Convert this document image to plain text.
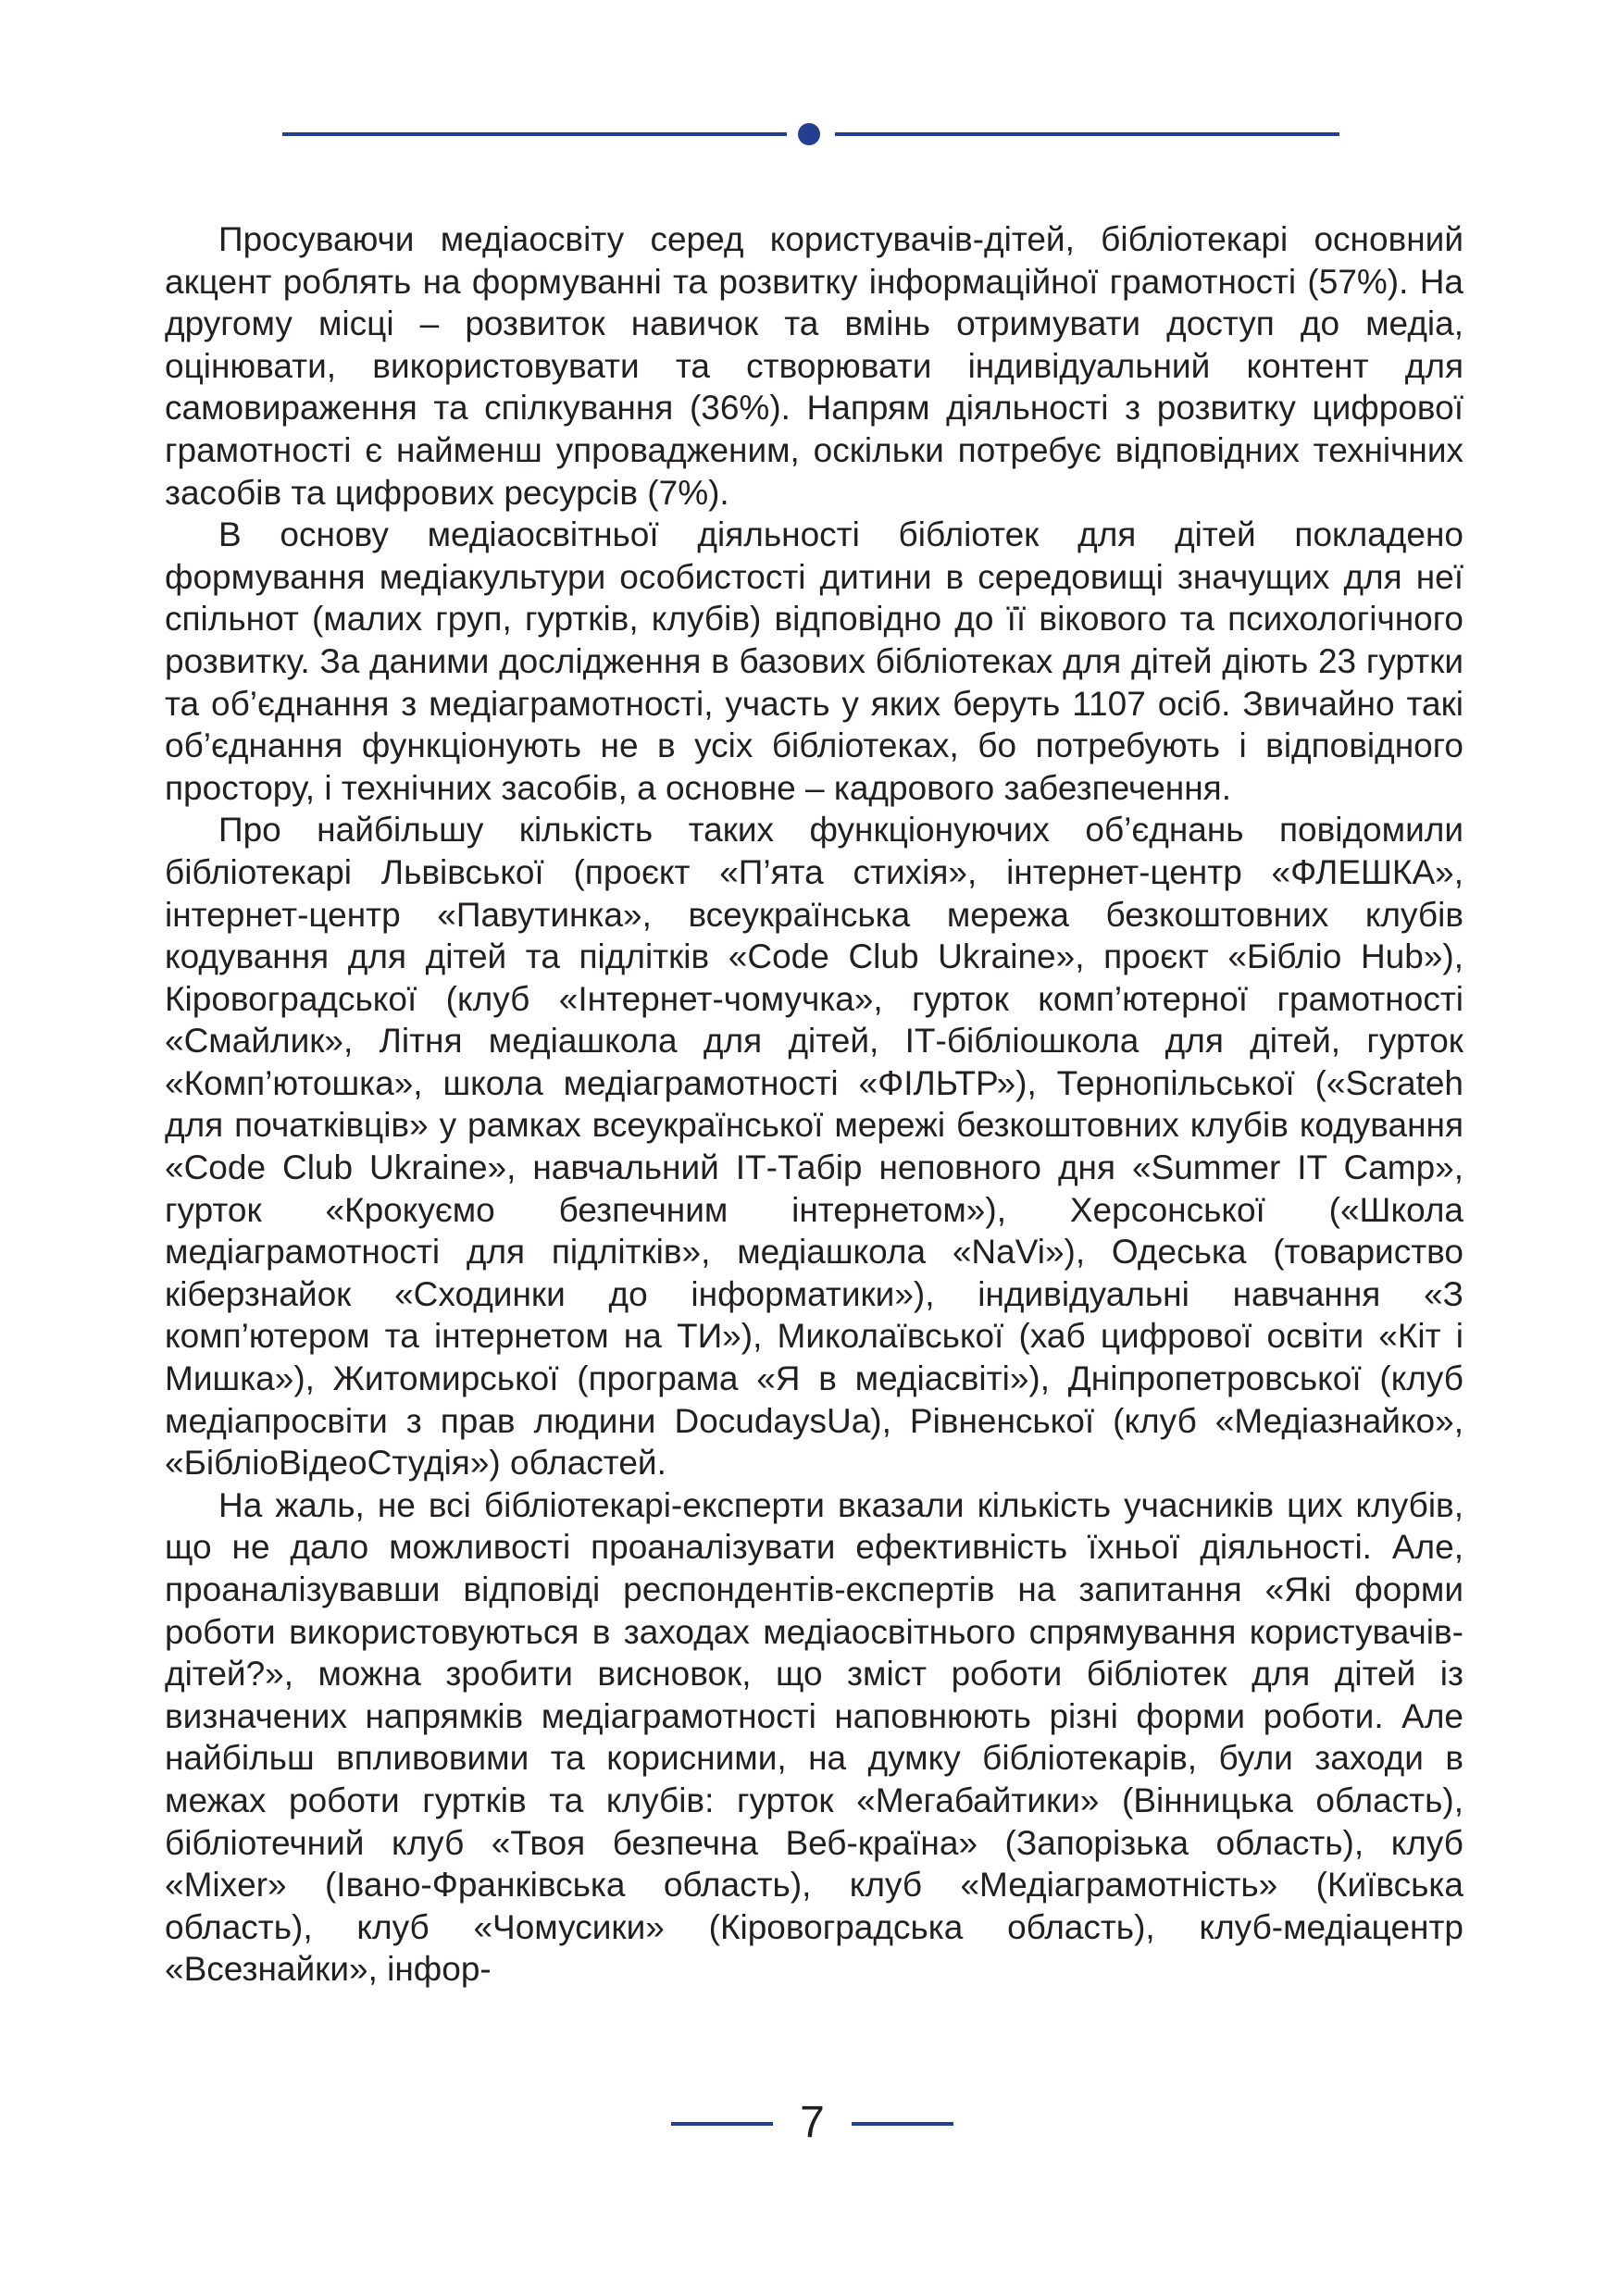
Просуваючи медіаосвіту серед користувачів-дітей, бібліотекарі основний акцент роблять на формуванні та розвитку інформаційної грамотності (57%). На другому місці – розвиток навичок та вмінь отримувати доступ до медіа, оцінювати, використовувати та створювати індивідуальний контент для самовираження та спілкування (36%). Напрям діяльності з розвитку цифрової грамотності є найменш упровадженим, оскільки потребує відповідних технічних засобів та цифрових ресурсів (7%).

В основу медіаосвітньої діяльності бібліотек для дітей покладено формування медіакультури особистості дитини в середовищі значущих для неї спільнот (малих груп, гуртків, клубів) відповідно до її вікового та психологічного розвитку. За даними дослідження в базових бібліотеках для дітей діють 23 гуртки та об’єднання з медіаграмотності, участь у яких беруть 1107 осіб. Звичайно такі об’єднання функціонують не в усіх бібліотеках, бо потребують і відповідного простору, і технічних засобів, а основне – кадрового забезпечення.

Про найбільшу кількість таких функціонуючих об’єднань повідомили бібліотекарі Львівської (проєкт «П’ята стихія», інтернет-центр «ФЛЕШКА», інтернет-центр «Павутинка», всеукраїнська мережа безкоштовних клубів кодування для дітей та підлітків «Code Club Ukraine», проєкт «Бібліо Hub»), Кіровоградської (клуб «Інтернет-чомучка», гурток комп’ютерної грамотності «Смайлик», Літня медіашкола для дітей, ІТ-бібліошкола для дітей, гурток «Комп’ютошка», школа медіаграмотності «ФІЛЬТР»), Тернопільської («Scrateh для початківців» у рамках всеукраїнської мережі безкоштовних клубів кодування «Code Club Ukraine», навчальний ІТ-Табір неповного дня «Summer IT Camp», гурток «Крокуємо безпечним інтернетом»), Херсонської («Школа медіаграмотності для підлітків», медіашкола «NaVi»), Одеська (товариство кіберзнайок «Сходинки до інформатики»), індивідуальні навчання «З комп’ютером та інтернетом на ТИ»), Миколаївської (хаб цифрової освіти «Кіт і Мишка»), Житомирської (програма «Я в медіасвіті»), Дніпропетровської (клуб медіапросвіти з прав людини DocudaysUa), Рівненської (клуб «Медіазнайко», «БібліоВідеоСтудія») областей.

На жаль, не всі бібліотекарі-експерти вказали кількість учасників цих клубів, що не дало можливості проаналізувати ефективність їхньої діяльності. Але, проаналізувавши відповіді респондентів-експертів на запитання «Які форми роботи використовуються в заходах медіаосвітнього спрямування користувачів-дітей?», можна зробити висновок, що зміст роботи бібліотек для дітей із визначених напрямків медіаграмотності наповнюють різні форми роботи. Але найбільш впливовими та корисними, на думку бібліотекарів, були заходи в межах роботи гуртків та клубів: гурток «Мегабайтики» (Вінницька область), бібліотечний клуб «Твоя безпечна Веб-країна» (Запорізька область), клуб «Mixer» (Івано-Франківська область), клуб «Медіаграмотність» (Київська область), клуб «Чомусики» (Кіровоградська область), клуб-медіацентр «Всезнайки», інфор-

7
